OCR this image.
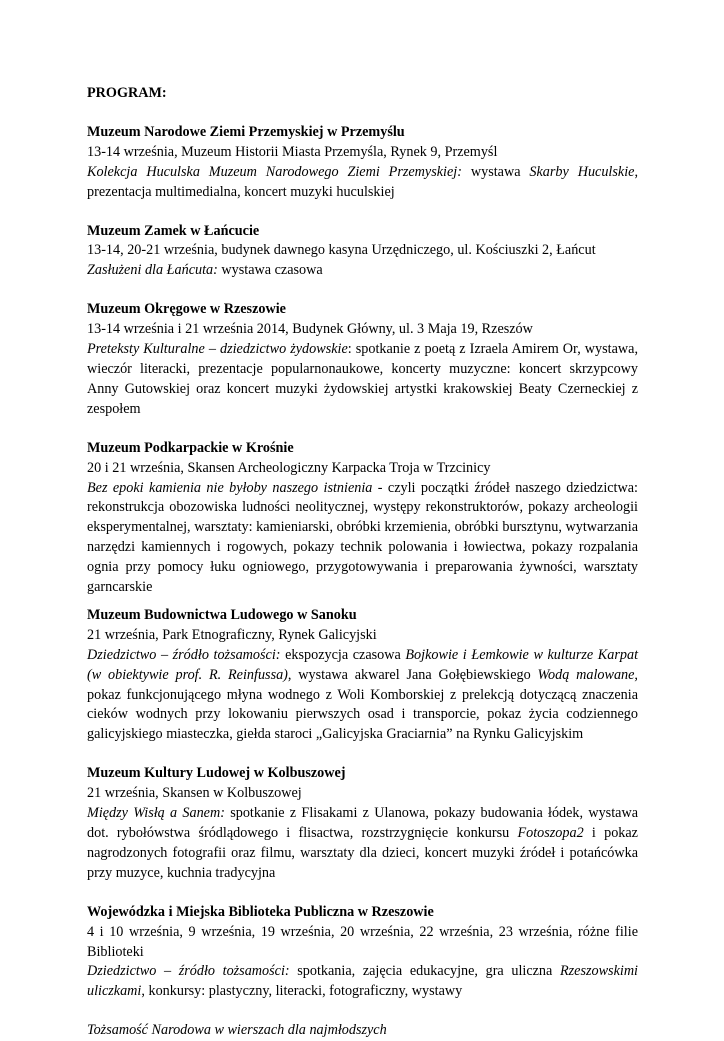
PROGRAM:
Muzeum Narodowe Ziemi Przemyskiej w Przemyślu
13-14 września, Muzeum Historii Miasta Przemyśla, Rynek 9, Przemyśl
Kolekcja Huculska Muzeum Narodowego Ziemi Przemyskiej: wystawa Skarby Huculskie, prezentacja multimedialna, koncert muzyki huculskiej
Muzeum Zamek w Łańcucie
13-14, 20-21 września, budynek dawnego kasyna Urzędniczego, ul. Kościuszki 2, Łańcut
Zasłużeni dla Łańcuta: wystawa czasowa
Muzeum Okręgowe w Rzeszowie
13-14 września i 21 września 2014, Budynek Główny, ul. 3 Maja 19, Rzeszów
Preteksty Kulturalne – dziedzictwo żydowskie: spotkanie z poetą z Izraela Amirem Or, wystawa, wieczór literacki, prezentacje popularnonaukowe, koncerty muzyczne: koncert skrzypcowy Anny Gutowskiej oraz koncert muzyki żydowskiej artystki krakowskiej Beaty Czerneckiej z zespołem
Muzeum Podkarpackie w Krośnie
20 i 21 września, Skansen Archeologiczny Karpacka Troja w Trzcinicy
Bez epoki kamienia nie byłoby naszego istnienia - czyli początki źródeł naszego dziedzictwa: rekonstrukcja obozowiska ludności neolitycznej, występy rekonstruktorów, pokazy archeologii eksperymentalnej, warsztaty: kamieniarski, obróbki krzemienia, obróbki bursztynu, wytwarzania narzędzi kamiennych i rogowych, pokazy technik polowania i łowiectwa, pokazy rozpalania ognia przy pomocy łuku ogniowego, przygotowywania i preparowania żywności, warsztaty garncarskie
Muzeum Budownictwa Ludowego w Sanoku
21 września, Park Etnograficzny, Rynek Galicyjski
Dziedzictwo – źródło tożsamości: ekspozycja czasowa Bojkowie i Łemkowie w kulturze Karpat (w obiektywie prof. R. Reinfussa), wystawa akwarel Jana Gołębiewskiego Wodą malowane, pokaz funkcjonującego młyna wodnego z Woli Komborskiej z prelekcją dotyczącą znaczenia cieków wodnych przy lokowaniu pierwszych osad i transporcie, pokaz życia codziennego galicyjskiego miasteczka, giełda staroci „Galicyjska Graciarnia” na Rynku Galicyjskim
Muzeum Kultury Ludowej w Kolbuszowej
21 września, Skansen w Kolbuszowej
Między Wisłą a Sanem: spotkanie z Flisakami z Ulanowa, pokazy budowania łódek, wystawa dot. rybołówstwa śródlądowego i flisactwa, rozstrzygnięcie konkursu Fotoszopa2 i pokaz nagrodzonych fotografii oraz filmu, warsztaty dla dzieci, koncert muzyki źródeł i potańcówka przy muzyce, kuchnia tradycyjna
Wojewódzka i Miejska Biblioteka Publiczna w Rzeszowie
4 i 10 września, 9 września, 19 września, 20 września, 22 września, 23 września, różne filie Biblioteki
Dziedzictwo – źródło tożsamości: spotkania, zajęcia edukacyjne, gra uliczna Rzeszowskimi uliczkami, konkursy: plastyczny, literacki, fotograficzny, wystawy
Tożsamość Narodowa w wierszach dla najmłodszych
